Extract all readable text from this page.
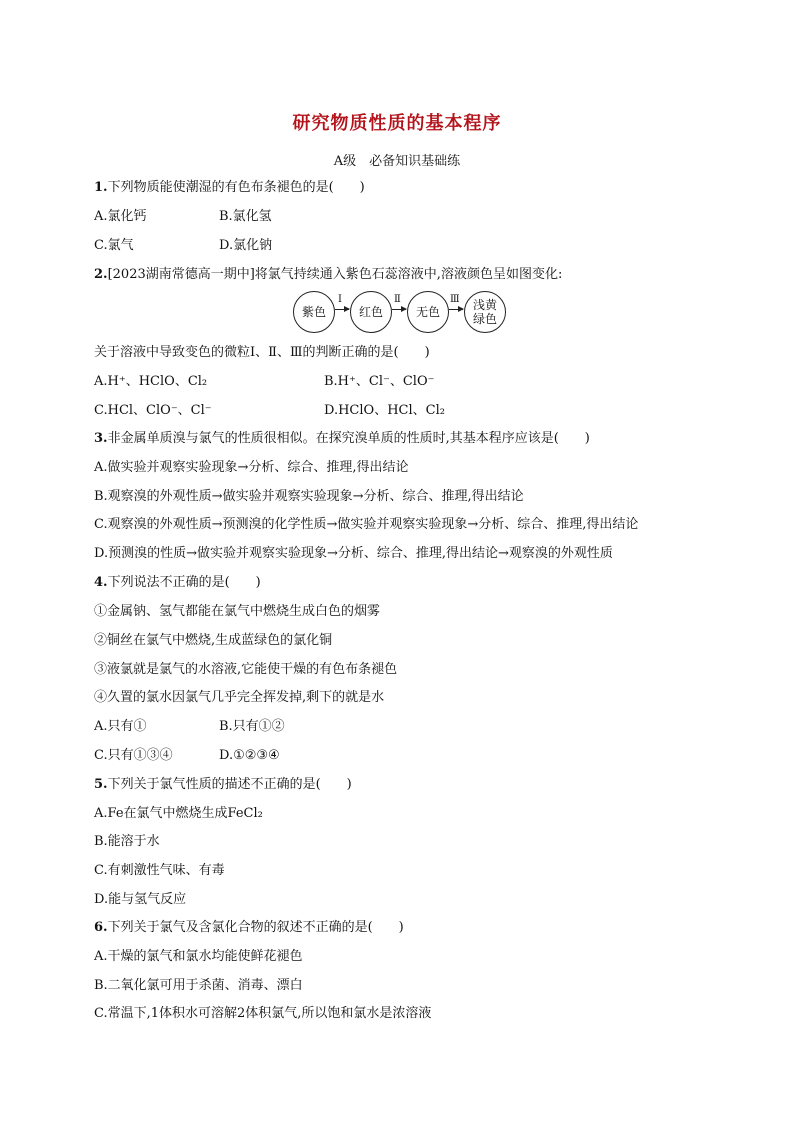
研究物质性质的基本程序
A级　必备知识基础练
1.下列物质能使潮湿的有色布条褪色的是(　　)
A.氯化钙	B.氯化氢
C.氯气	D.氯化钠
2.[2023湖南常德高一期中]将氯气持续通入紫色石蕊溶液中,溶液颜色呈如图变化:
紫色
Ⅰ
红色
Ⅱ
无色
Ⅲ 浅黄
绿色
关于溶液中导致变色的微粒Ⅰ、Ⅱ、Ⅲ的判断正确的是(　　)
A.H⁺、HClO、Cl₂	B.H⁺、Cl⁻、ClO⁻
C.HCl、ClO⁻、Cl⁻	D.HClO、HCl、Cl₂
3.非金属单质溴与氯气的性质很相似。在探究溴单质的性质时,其基本程序应该是(　　)
A.做实验并观察实验现象→分析、综合、推理,得出结论
B.观察溴的外观性质→做实验并观察实验现象→分析、综合、推理,得出结论
C.观察溴的外观性质→预测溴的化学性质→做实验并观察实验现象→分析、综合、推理,得出结论
D.预测溴的性质→做实验并观察实验现象→分析、综合、推理,得出结论→观察溴的外观性质
4.下列说法不正确的是(　　)
①金属钠、氢气都能在氯气中燃烧生成白色的烟雾
②铜丝在氯气中燃烧,生成蓝绿色的氯化铜
③液氯就是氯气的水溶液,它能使干燥的有色布条褪色
④久置的氯水因氯气几乎完全挥发掉,剩下的就是水
A.只有①	B.只有①②
C.只有①③④	D.①②③④
5.下列关于氯气性质的描述不正确的是(　　)
A.Fe在氯气中燃烧生成FeCl₂
B.能溶于水
C.有刺激性气味、有毒
D.能与氢气反应
6.下列关于氯气及含氯化合物的叙述不正确的是(　　)
A.干燥的氯气和氯水均能使鲜花褪色
B.二氧化氯可用于杀菌、消毒、漂白
C.常温下,1体积水可溶解2体积氯气,所以饱和氯水是浓溶液
